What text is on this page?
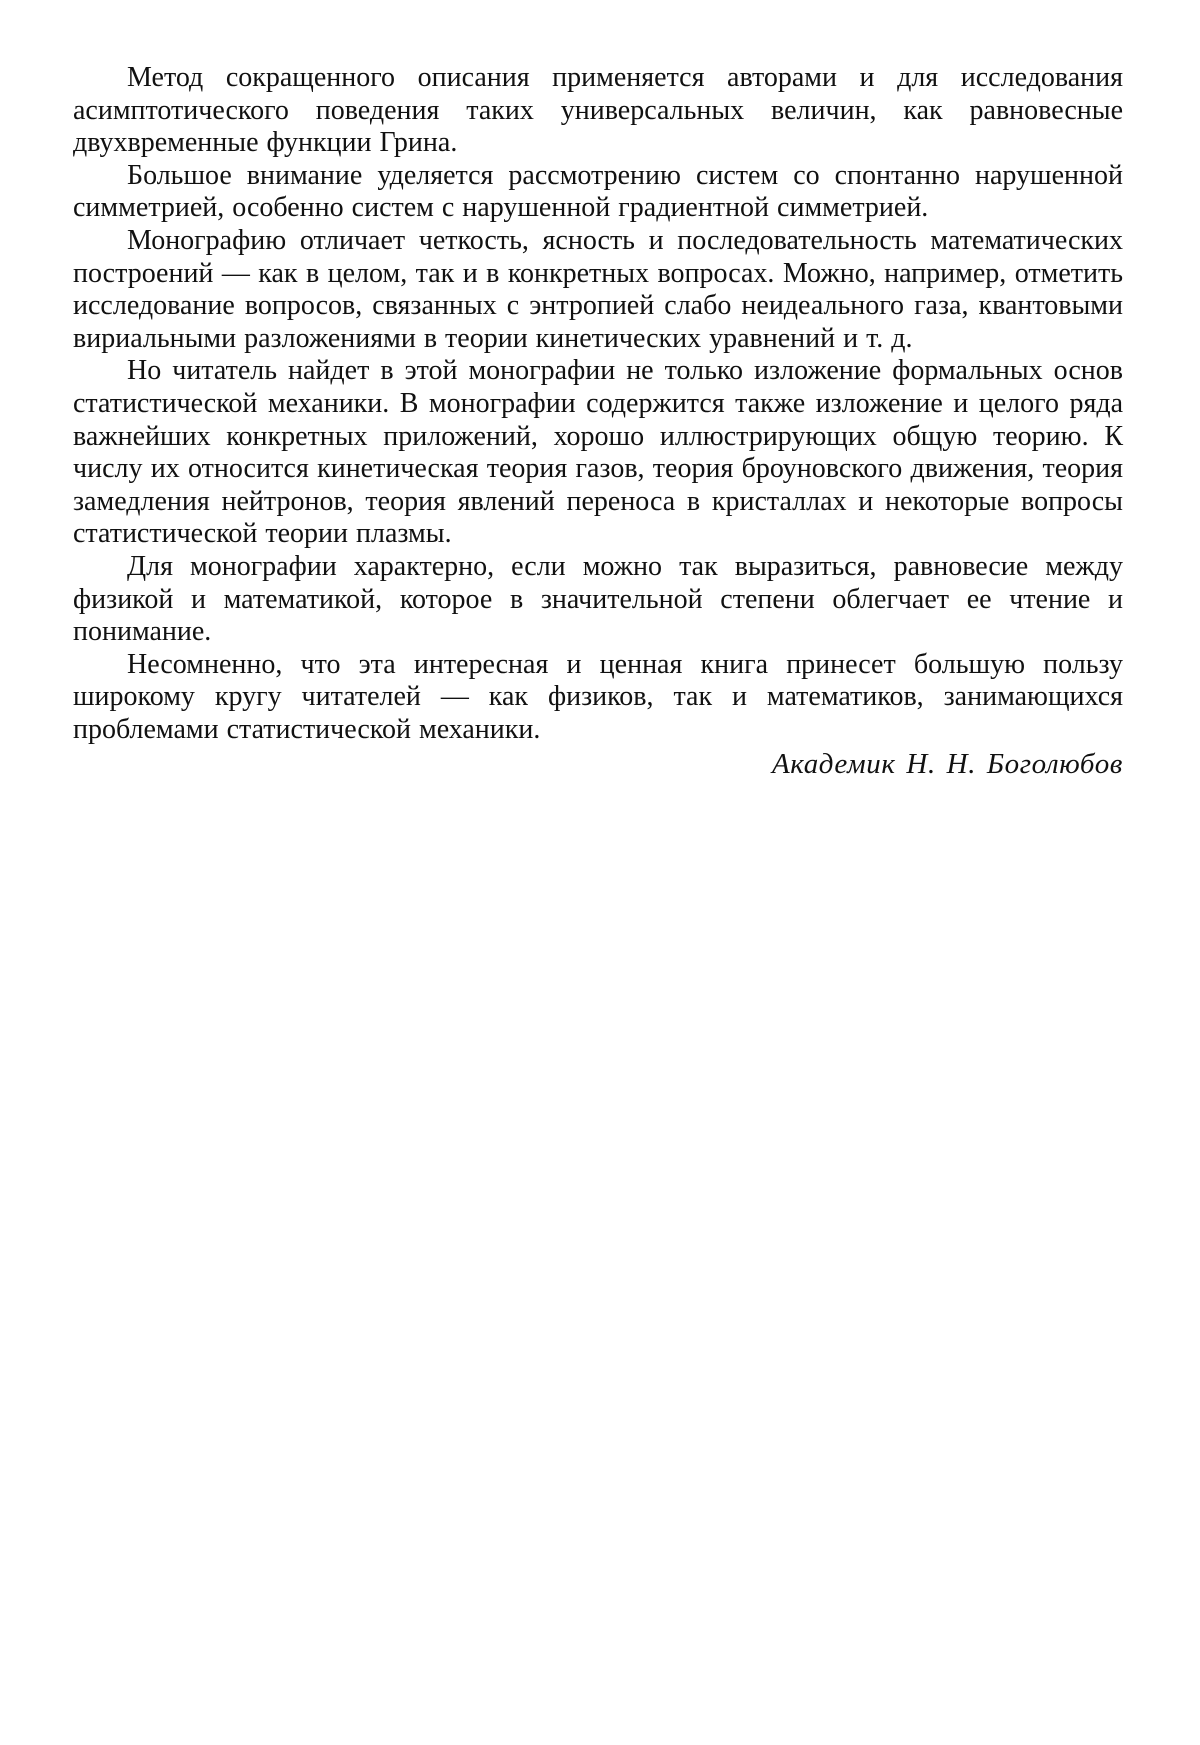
Метод сокращенного описания применяется авторами и для исследования асимптотического поведения таких универсальных величин, как равновесные двухвременные функции Грина.

Большое внимание уделяется рассмотрению систем со спонтанно нарушенной симметрией, особенно систем с нарушенной градиентной симметрией.

Монографию отличает четкость, ясность и последовательность математических построений — как в целом, так и в конкретных вопросах. Можно, например, отметить исследование вопросов, связанных с энтропией слабо неидеального газа, квантовыми вириальными разложениями в теории кинетических уравнений и т. д.

Но читатель найдет в этой монографии не только изложение формальных основ статистической механики. В монографии содержится также изложение и целого ряда важнейших конкретных приложений, хорошо иллюстрирующих общую теорию. К числу их относится кинетическая теория газов, теория броуновского движения, теория замедления нейтронов, теория явлений переноса в кристаллах и некоторые вопросы статистической теории плазмы.

Для монографии характерно, если можно так выразиться, равновесие между физикой и математикой, которое в значительной степени облегчает ее чтение и понимание.

Несомненно, что эта интересная и ценная книга принесет большую пользу широкому кругу читателей — как физиков, так и математиков, занимающихся проблемами статистической механики.

Академик Н. Н. Боголюбов
